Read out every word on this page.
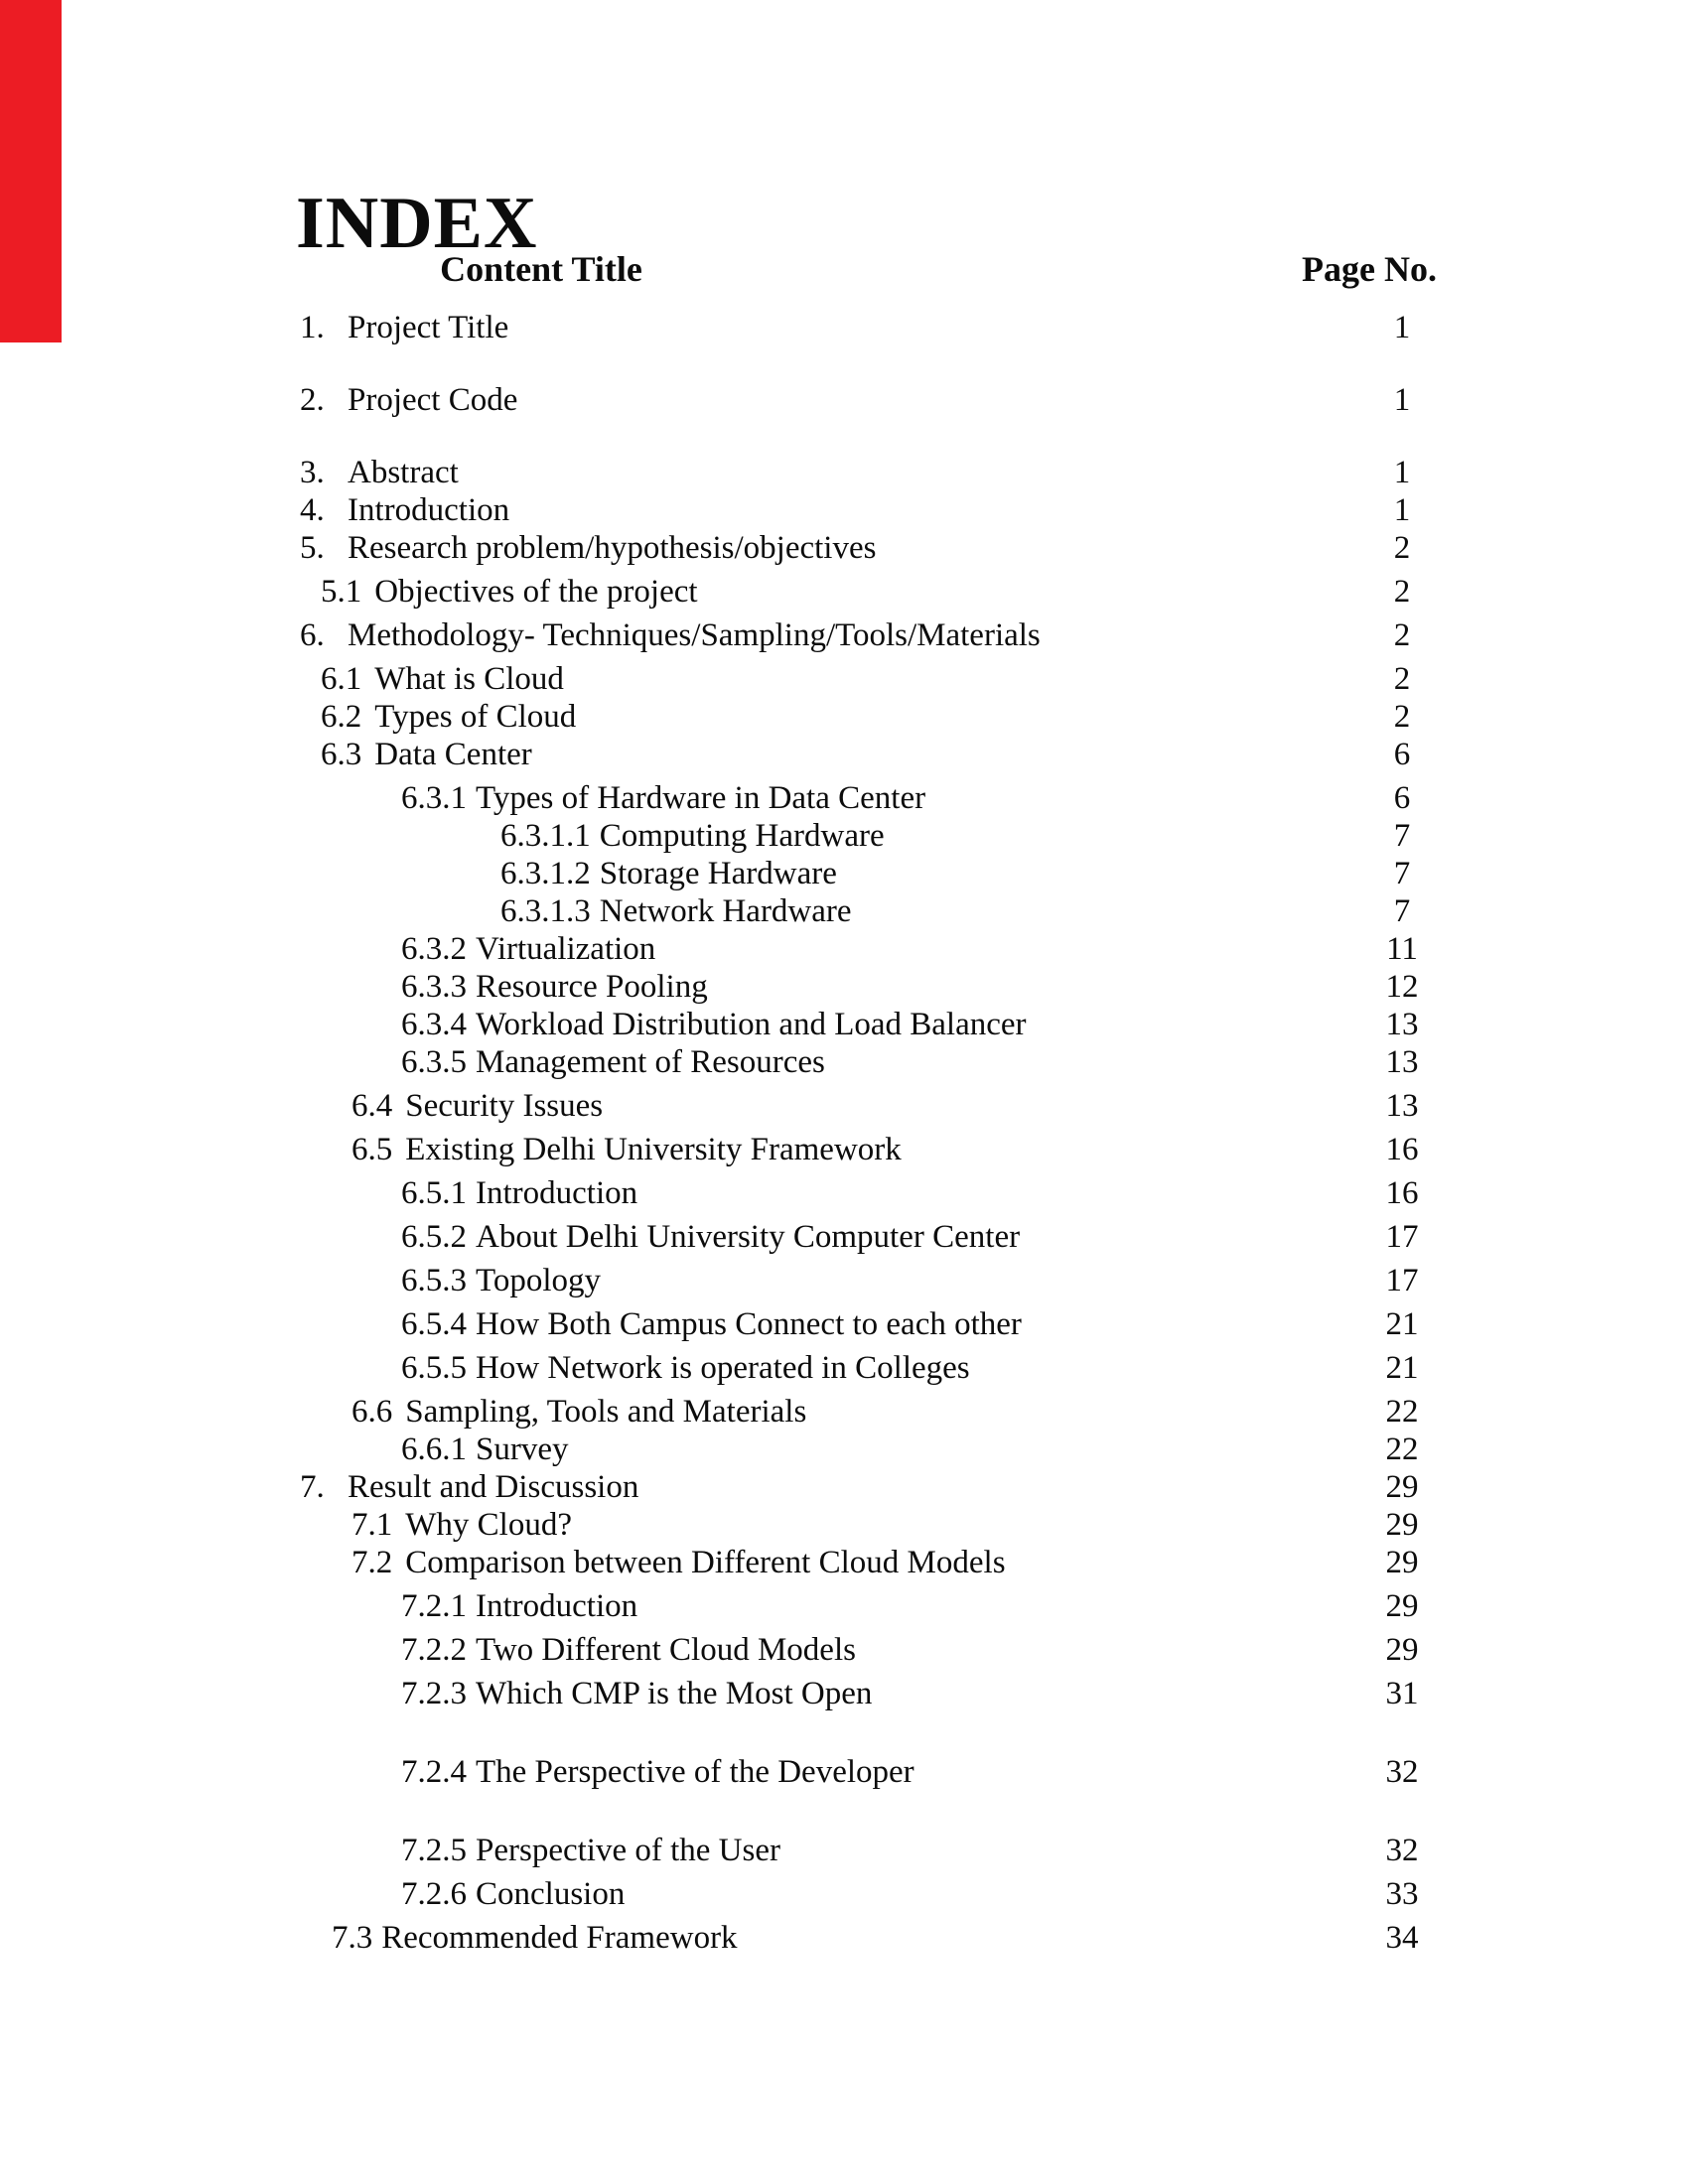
INDEX
Content Title	Page No.
1. Project Title	1
2. Project Code	1
3. Abstract	1
4. Introduction	1
5. Research problem/hypothesis/objectives	2
5.1 Objectives of the project	2
6. Methodology- Techniques/Sampling/Tools/Materials	2
6.1 What is Cloud	2
6.2 Types of Cloud	2
6.3 Data Center	6
6.3.1 Types of Hardware in Data Center	6
6.3.1.1 Computing Hardware	7
6.3.1.2 Storage Hardware	7
6.3.1.3 Network Hardware	7
6.3.2 Virtualization	11
6.3.3 Resource Pooling	12
6.3.4 Workload Distribution and Load Balancer	13
6.3.5 Management of Resources	13
6.4 Security Issues	13
6.5 Existing Delhi University Framework	16
6.5.1 Introduction	16
6.5.2 About Delhi University Computer Center	17
6.5.3 Topology	17
6.5.4 How Both Campus Connect to each other	21
6.5.5 How Network is operated in Colleges	21
6.6 Sampling, Tools and Materials	22
6.6.1 Survey	22
7. Result and Discussion	29
7.1 Why Cloud?	29
7.2 Comparison between Different Cloud Models	29
7.2.1 Introduction	29
7.2.2 Two Different Cloud Models	29
7.2.3 Which CMP is the Most Open	31
7.2.4 The Perspective of the Developer	32
7.2.5 Perspective of the User	32
7.2.6 Conclusion	33
7.3 Recommended Framework	34
